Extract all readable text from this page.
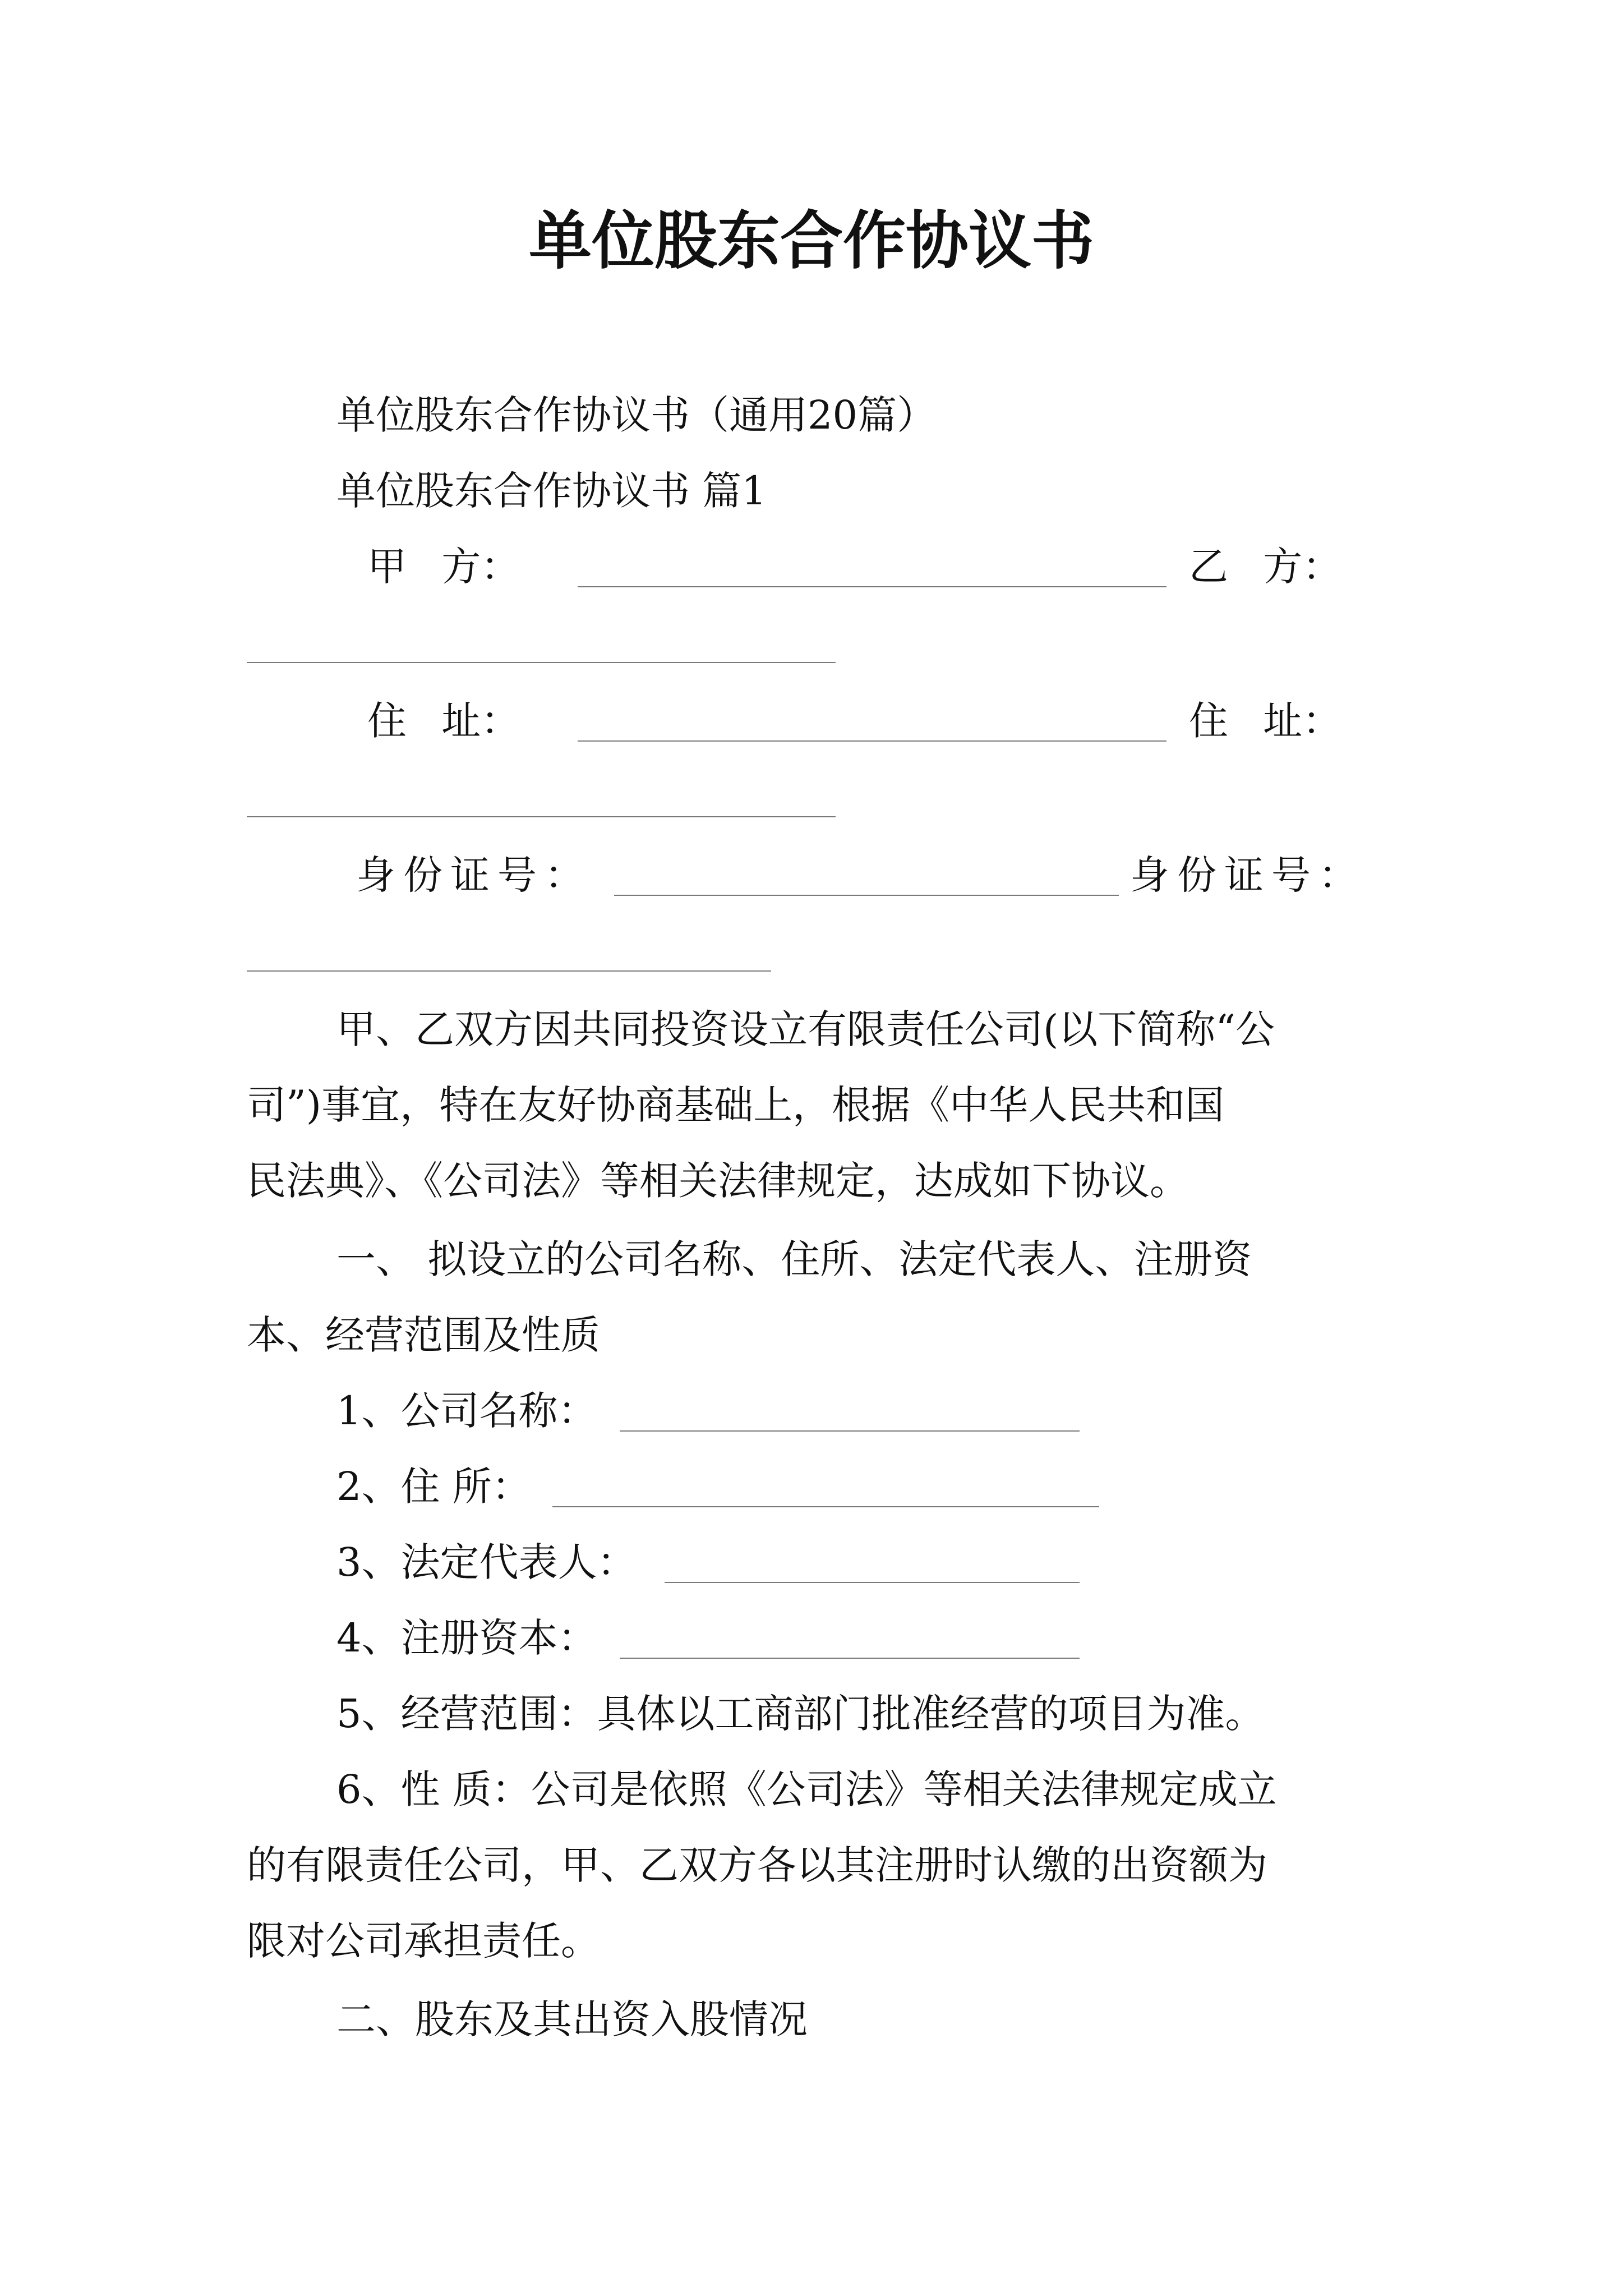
单位股东合作协议书
单位股东合作协议书（通用20篇）
单位股东合作协议书 篇1
甲 方：	乙 方：
住 址：	住 址：
身份证号：	身份证号：
甲、乙双方因共同投资设立有限责任公司(以下简称“公
司”)事宜，特在友好协商基础上，根据《中华人民共和国
民法典》、《公司法》等相关法律规定，达成如下协议。
一、 拟设立的公司名称、住所、法定代表人、注册资
本、经营范围及性质
1、公司名称：
2、住 所：
3、法定代表人：
4、注册资本：
5、经营范围：具体以工商部门批准经营的项目为准。
6、性 质：公司是依照《公司法》等相关法律规定成立
的有限责任公司，甲、乙双方各以其注册时认缴的出资额为
限对公司承担责任。
二、股东及其出资入股情况
